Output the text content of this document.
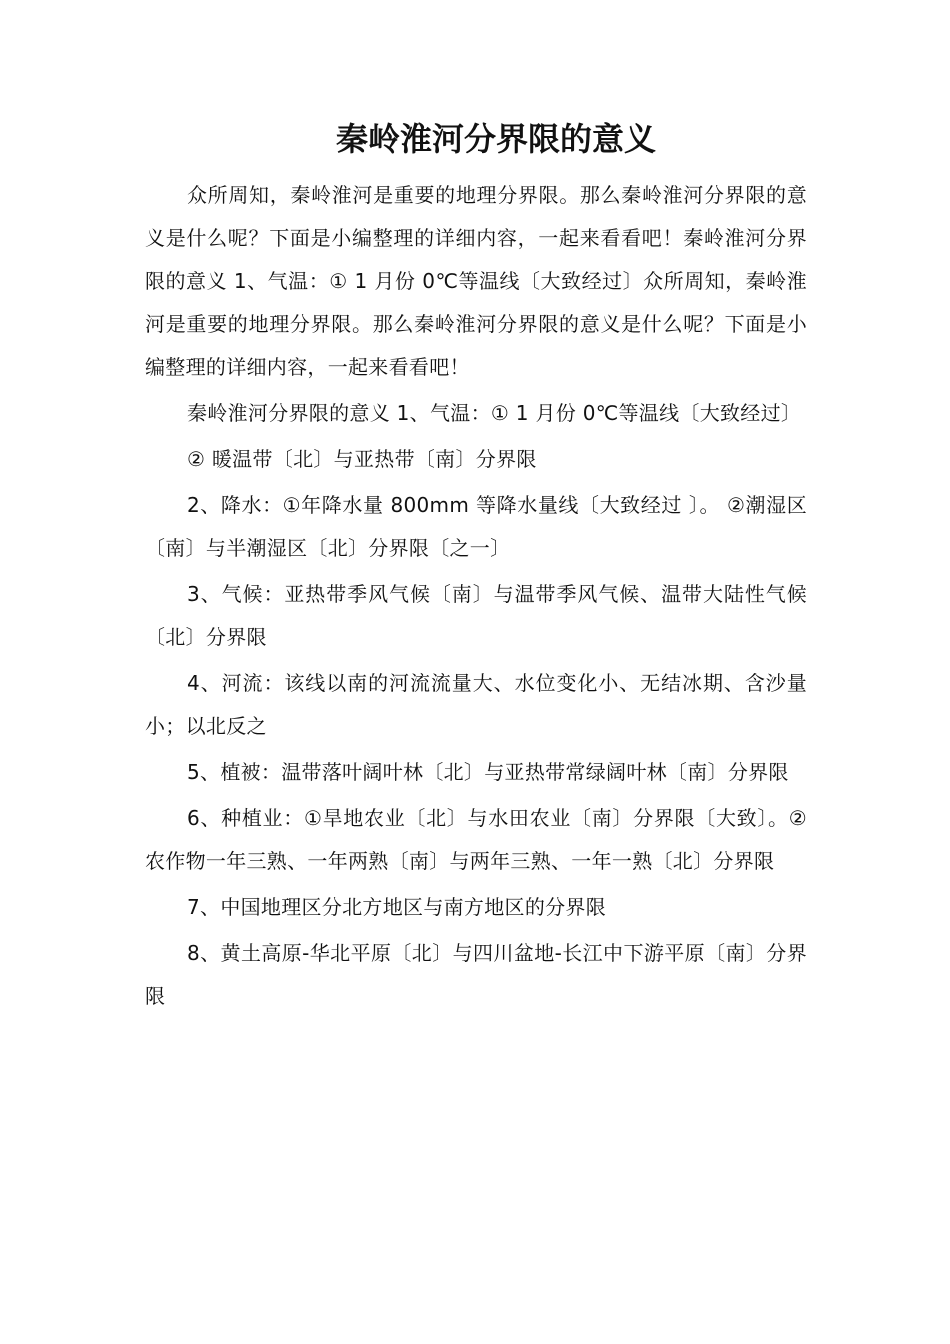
秦岭淮河分界限的意义

众所周知，秦岭淮河是重要的地理分界限。那么秦岭淮河分界限的意义是什么呢？下面是小编整理的详细内容，一起来看看吧！秦岭淮河分界限的意义 1、气温：① 1 月份 0℃等温线〔大致经过〕众所周知，秦岭淮河是重要的地理分界限。那么秦岭淮河分界限的意义是什么呢？下面是小编整理的详细内容，一起来看看吧！

秦岭淮河分界限的意义 1、气温：① 1 月份 0℃等温线〔大致经过〕

② 暖温带〔北〕与亚热带〔南〕分界限

2、降水：①年降水量 800mm 等降水量线〔大致经过 〕。 ②潮湿区〔南〕与半潮湿区〔北〕分界限〔之一〕

3、气候：亚热带季风气候〔南〕与温带季风气候、温带大陆性气候〔北〕分界限

4、河流：该线以南的河流流量大、水位变化小、无结冰期、含沙量小；以北反之

5、植被：温带落叶阔叶林〔北〕与亚热带常绿阔叶林〔南〕分界限

6、种植业：①旱地农业〔北〕与水田农业〔南〕分界限〔大致〕。②农作物一年三熟、一年两熟〔南〕与两年三熟、一年一熟〔北〕分界限

7、中国地理区分北方地区与南方地区的分界限

8、黄土高原-华北平原〔北〕与四川盆地-长江中下游平原〔南〕分界限
